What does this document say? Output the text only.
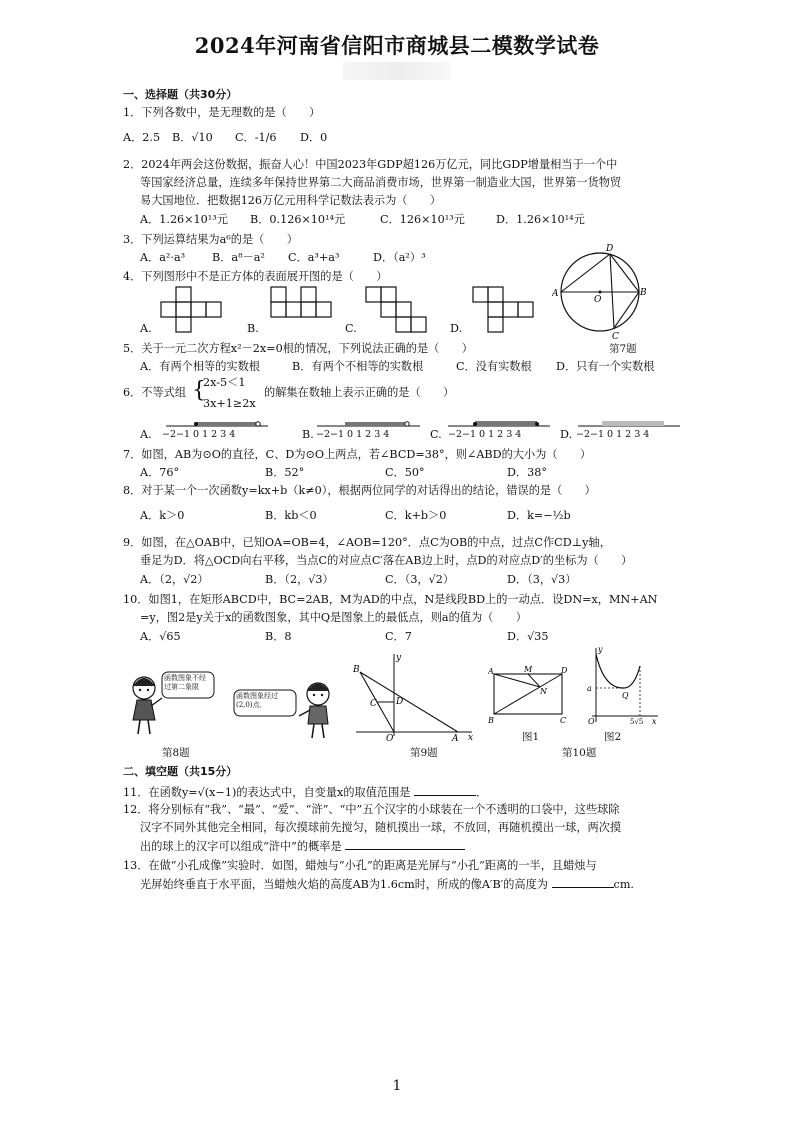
2024年河南省信阳市商城县二模数学试卷
一、选择题（共30分）
1．下列各数中，是无理数的是（　　）
A．2.5 B．√10 C．-1/6 D．0
2．2024年两会这份数据，振奋人心！中国2023年GDP超126万亿元，同比GDP增量相当于一个中
等国家经济总量，连续多年保持世界第二大商品消费市场，世界第一制造业大国，世界第一货物贸
易大国地位．把数据126万亿元用科学记数法表示为（　　）
A．1.26×10¹³元 B．0.126×10¹⁴元	C．126×10¹³元	D．1.26×10¹⁴元
3．下列运算结果为a⁶的是（　　）
A．a²·a³ B．a⁸－a² C．a³+a³	D．（a²）³
4．下列图形中不是正方体的表面展开图的是（　　）
A.	B.	C.	D.
A	B
D
C
O
第7题
5．关于一元二次方程x²－2x=0根的情况，下列说法正确的是（　　）
A．有两个相等的实数根	B．有两个不相等的实数根	C．没有实数根 D．只有一个实数根
6．不等式组 {
2x-5＜1
3x+1≥2x
的解集在数轴上表示正确的是（　　）
A. −2−1 0 1 2 3 4	B. −2−1 0 1 2 3 4	C. −2−1 0 1 2 3 4	D. −2−1 0 1 2 3 4
7．如图，AB为⊙O的直径，C、D为⊙O上两点，若∠BCD=38°，则∠ABD的大小为（　　）
A．76°	B．52°	C．50°	D．38°
8．对于某一个一次函数y=kx+b（k≠0），根据两位同学的对话得出的结论，错误的是（　　）
A．k＞0	B．kb＜0	C．k+b＞0	D．k=−½b
9．如图，在△OAB中，已知OA=OB=4，∠AOB=120°．点C为OB的中点，过点C作CD⊥y轴，
垂足为D．将△OCD向右平移，当点C的对应点C′落在AB边上时，点D的对应点D′的坐标为（　　）
A．（2，√2）	B．（2，√3）	C．（3，√2）	D．（3，√3）
10．如图1，在矩形ABCD中，BC=2AB，M为AD的中点，N是线段BD上的一动点．设DN=x，MN+AN
=y，图2是y关于x的函数图象，其中Q是图象上的最低点，则a的值为（　　）
A．√65	B．8	C．7	D．√35
函数图象不经过第二象限
函数图象经过(2,0)点．
第8题
B
y
C D
O	A x
第9题
A	M	D
N
B	C
图1
y
a
Q
O	5√5 x
图2
第10题
二、填空题（共15分）
11．在函数y=√(x−1)的表达式中，自变量x的取值范围是	．
12．将分别标有“我”、“最”、“爱”、“浒”、“中”五个汉字的小球装在一个不透明的口袋中，这些球除
汉字不同外其他完全相同，每次摸球前先搅匀，随机摸出一球，不放回，再随机摸出一球，两次摸
出的球上的汉字可以组成“浒中”的概率是
13．在做“小孔成像”实验时．如图，蜡烛与“小孔”的距离是光屏与“小孔”距离的一半，且蜡烛与
光屏始终垂直于水平面，当蜡烛火焰的高度AB为1.6cm时，所成的像A′B′的高度为	cm.
1
